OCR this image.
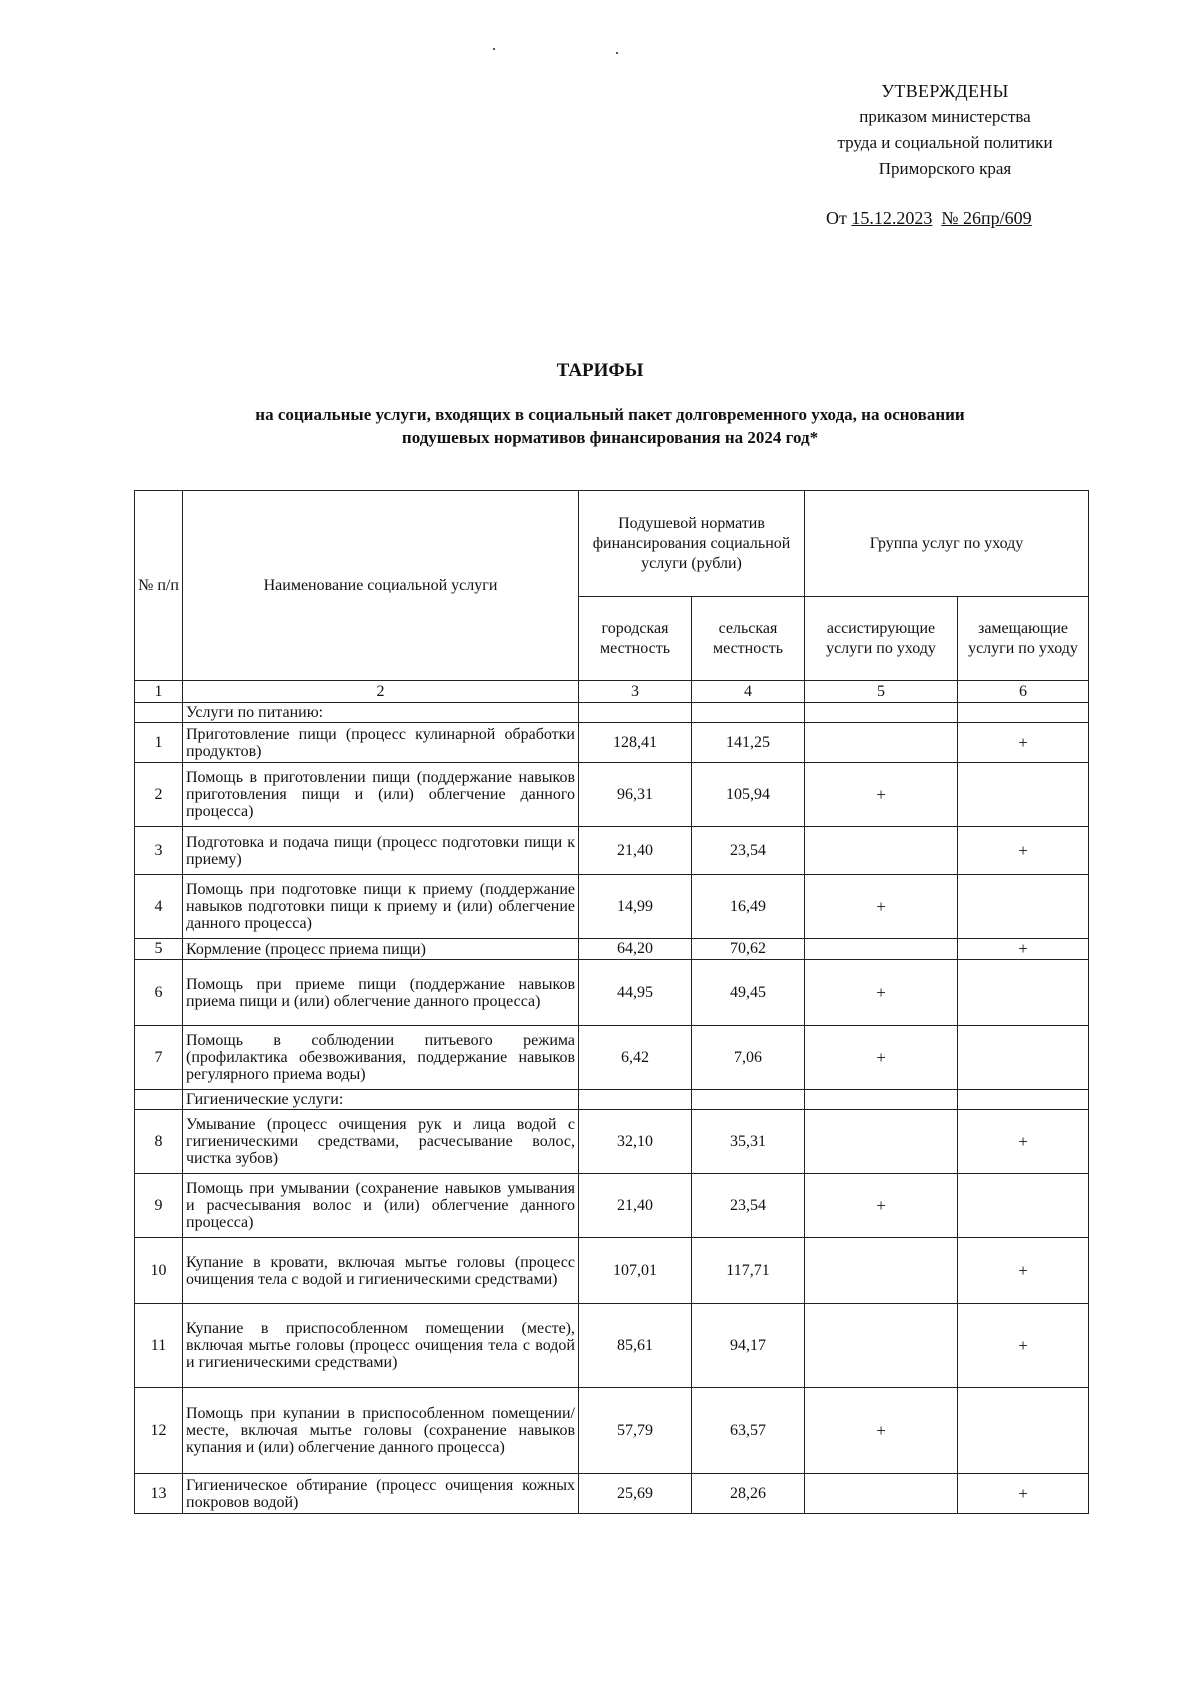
УТВЕРЖДЕНЫ
приказом министерства
труда и социальной политики
Приморского края
От 15.12.2023 № 26пр/609
ТАРИФЫ
на социальные услуги, входящих в социальный пакет долговременного ухода, на основании
подушевых нормативов финансирования на 2024 год*
№ п/п	Наименование социальной услуги	Подушевой норматив финансирования социальной услуги (рубли)		Группа услуг по уходу	
		городская местность	сельская местность	ассистирующие услуги по уходу	замещающие услуги по уходу
1	2	3	4	5	6
	Услуги по питанию:				
1	Приготовление пищи (процесс кулинарной обработки продуктов)	128,41	141,25		+
2	Помощь в приготовлении пищи (поддержание навыков приготовления пищи и (или) облегчение данного процесса)	96,31	105,94	+	
3	Подготовка и подача пищи (процесс подготовки пищи к приему)	21,40	23,54		+
4	Помощь при подготовке пищи к приему (поддержание навыков подготовки пищи к приему и (или) облегчение данного процесса)	14,99	16,49	+	
5	Кормление (процесс приема пищи)	64,20	70,62		+
6	Помощь при приеме пищи (поддержание навыков приема пищи и (или) облегчение данного процесса)	44,95	49,45	+	
7	Помощь в соблюдении питьевого режима (профилактика обезвоживания, поддержание навыков регулярного приема воды)	6,42	7,06	+	
	Гигиенические услуги:				
8	Умывание (процесс очищения рук и лица водой с гигиеническими средствами, расчесывание волос, чистка зубов)	32,10	35,31		+
9	Помощь при умывании (сохранение навыков умывания и расчесывания волос и (или) облегчение данного процесса)	21,40	23,54	+	
10	Купание в кровати, включая мытье головы (процесс очищения тела с водой и гигиеническими средствами)	107,01	117,71		+
11	Купание в приспособленном помещении (месте), включая мытье головы (процесс очищения тела с водой и гигиеническими средствами)	85,61	94,17		+
12	Помощь при купании в приспособленном помещении/месте, включая мытье головы (сохранение навыков купания и (или) облегчение данного процесса)	57,79	63,57	+	
13	Гигиеническое обтирание (процесс очищения кожных покровов водой)	25,69	28,26		+
